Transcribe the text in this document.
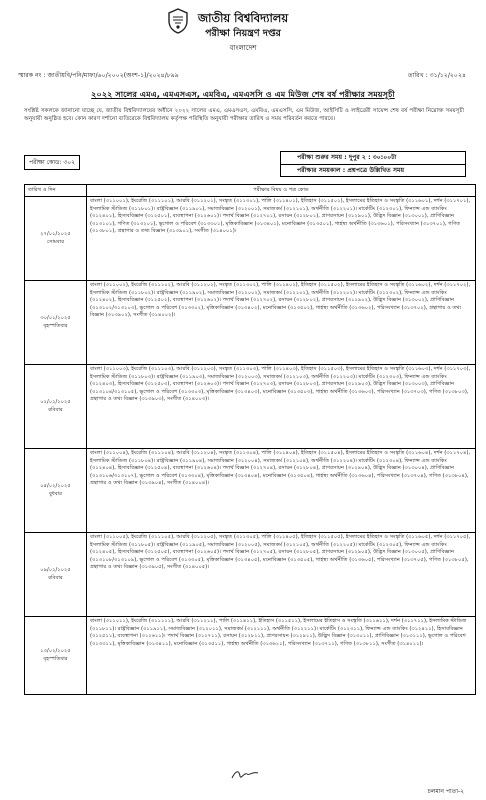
জাতীয় বিশ্ববিদ্যালয়
পরীক্ষা নিয়ন্ত্রণ দপ্তর
বাংলাদেশ
স্মারক নং : জাতীয়বি/পনি/মাফা/৬০/২০০২(অংশ-১)/২০২৪/৮৯৯	তারিখ : ৩১/১২/২০২৪
২০২২ সালের এমএ, এমএসএস, এমবিএ, এমএসসি ও এম মিউজ শেষ বর্ষ পরীক্ষার সময়সূচী
সংশ্লিষ্ট সকলকে জানানো যাচ্ছে যে, জাতীয় বিশ্ববিদ্যালয়ের অধীনে ২০২২ সালের এমএ, এমএসএস, এমবিএ, এমএসসি, এম মিউজ, আইসিটি ও লাইব্রেরী সায়েন্স শেষ বর্ষ পরীক্ষা নিম্নোক্ত সময়সূচী অনুযায়ী অনুষ্ঠিত হবে। কোন কারণ দর্শানো ব্যতিরেকে বিশ্ববিদ্যালয় কর্তৃপক্ষ পরিস্থিতি অনুযায়ী পরীক্ষার তারিখ ও সময় পরিবর্তন করতে পারবে।
পরীক্ষা কোড: ৩০২
পরীক্ষা শুরুর সময় : দুপুর ২ : ৩০:০০টা
পরীক্ষার সময়কাল : প্রশ্নপত্রে উল্লিখিত সময়
তারিখ ও দিন	পরীক্ষার বিষয় ও পত্র কোড
২৭/০১/২০২৫
সোমবার	বাংলা (৩১১০০১), ইংরেজি (৩১১১০১), আরবি (৩১১২০১), সংস্কৃত (৩১১৩০১), পালি (৩১১৪০১), ইতিহাস (৩১১৫০১), ইসলামের ইতিহাস ও সংস্কৃতি (৩১১৬০১), দর্শন (৩১১৭০১), ইসলামিক স্টাডিজ (৩১১৮০১)। রাষ্ট্রবিজ্ঞান (৩১১৯০১), সমাজবিজ্ঞান (৩১২০০১), সমাজকর্ম (৩১২১০১), অর্থনীতি (৩১২২০১)। মার্কেটিং (৩১২৩০১), ফিন্যান্স এন্ড ব্যাংকিং (৩১২৪০১), হিসাববিজ্ঞান (৩১২৫০১), ব্যবস্থাপনা (৩১২৬০১)। পদার্থ বিজ্ঞান (৩১২৭০১), রসায়ন (৩১২৮০১), প্রাণরসায়ন (৩১২৯০১), উদ্ভিদ বিজ্ঞান (৩১৩০০১), প্রাণিবিজ্ঞান (৩১৩১০১), গণিত (৩১৩২০১), ভূগোল ও পরিবেশ (৩১৩৩০১), মৃত্তিকাবিজ্ঞান (৩১৩৪০১), মনোবিজ্ঞান (৩১৩৫০১), গার্হস্থ্য অর্থনীতি (৩১৩৬০১), পরিসংখ্যান (৩১৩৭০১), গণিত (৩১৩৮০১), গ্রন্থাগার ও তথ্য বিজ্ঞান (৩১৩৯০১), সংগীত (৩১৪০০১)।
৩০/০১/২০২৫
বৃহস্পতিবার	বাংলা (৩১১০০২), ইংরেজি (৩১১১০২), আরবি (৩১১২০২), সংস্কৃত (৩১১৩০২), পালি (৩১১৪০২), ইতিহাস (৩১১৫০২), ইসলামের ইতিহাস ও সংস্কৃতি (৩১১৬০২), দর্শন (৩১১৭০২), ইসলামিক স্টাডিজ (৩১১৮০২)। রাষ্ট্রবিজ্ঞান (৩১১৯০২), সমাজবিজ্ঞান (৩১২০০২), সমাজকর্ম (৩১২১০২), অর্থনীতি (৩১২২০২)। মার্কেটিং (৩১২৩০২), ফিন্যান্স এন্ড ব্যাংকিং (৩১২৪০২), হিসাববিজ্ঞান (৩১২৫০২), ব্যবস্থাপনা (৩১২৬০২)। পদার্থ বিজ্ঞান (৩১২৭০২), রসায়ন (৩১২৮০২), প্রাণরসায়ন (৩১২৯০২), উদ্ভিদ বিজ্ঞান (৩১৩০০২), প্রাণিবিজ্ঞান (৩১৩১০২/৩১৩১০৩), ভূগোল ও পরিবেশ (৩১৩৩০২), মৃত্তিকাবিজ্ঞান (৩১৩৪০২), মনোবিজ্ঞান (৩১৩৫০২), গার্হস্থ্য অর্থনীতি (৩১৩৬০২), পরিসংখ্যান (৩১৩৭০২), গ্রন্থাগার ও তথ্য বিজ্ঞান (৩১৩৯০২), সংগীত (৩১৪০০২)।
০২/০২/২০২৫
রবিবার	বাংলা (৩১১০০৩), ইংরেজি (৩১১১০৩), আরবি (৩১১২০৩), সংস্কৃত (৩১১৩০৩), পালি (৩১১৪০৩), ইতিহাস (৩১১৫০৩), ইসলামের ইতিহাস ও সংস্কৃতি (৩১১৬০৩), দর্শন (৩১১৭০৩), ইসলামিক স্টাডিজ (৩১১৮০৩)। রাষ্ট্রবিজ্ঞান (৩১১৯০৩), সমাজবিজ্ঞান (৩১২০০৩), সমাজকর্ম (৩১২১০৩), অর্থনীতি (৩১২২০৩)। মার্কেটিং (৩১২৩০৩), ফিন্যান্স এন্ড ব্যাংকিং (৩১২৪০৩), হিসাববিজ্ঞান (৩১২৫০৩), ব্যবস্থাপনা (৩১২৬০৩)। পদার্থ বিজ্ঞান (৩১২৭০৩), রসায়ন (৩১২৮০৩), প্রাণরসায়ন (৩১২৯০৩), উদ্ভিদ বিজ্ঞান (৩১৩০০৩), প্রাণিবিজ্ঞান (৩১৩১০৪/৩১৩১০৫), ভূগোল ও পরিবেশ (৩১৩৩০৩), মৃত্তিকাবিজ্ঞান (৩১৩৪০৩), মনোবিজ্ঞান (৩১৩৫০৩), গার্হস্থ্য অর্থনীতি (৩১৩৬০৩), পরিসংখ্যান (৩১৩৭০৩), গণিত (৩১৩৮০৩), গ্রন্থাগার ও তথ্য বিজ্ঞান (৩১৩৯০৩), সংগীত (৩১৪০০৩)।
০৫/০২/২০২৫
বুধবার	বাংলা (৩১১০০৪), ইংরেজি (৩১১১০৪), আরবি (৩১১২০৪), সংস্কৃত (৩১১৩০৪), পালি (৩১১৪০৪), ইতিহাস (৩১১৫০৪), ইসলামের ইতিহাস ও সংস্কৃতি (৩১১৬০৪), দর্শন (৩১১৭০৪), ইসলামিক স্টাডিজ (৩১১৮০৪)। রাষ্ট্রবিজ্ঞান (৩১১৯০৪), সমাজবিজ্ঞান (৩১২০০৪), সমাজকর্ম (৩১২১০৪), অর্থনীতি (৩১২২০৪)। মার্কেটিং (৩১২৩০৪), ফিন্যান্স এন্ড ব্যাংকিং (৩১২৪০৪), হিসাববিজ্ঞান (৩১২৫০৪), ব্যবস্থাপনা (৩১২৬০৪)। পদার্থ বিজ্ঞান (৩১২৭০৪), রসায়ন (৩১২৮০৪), প্রাণরসায়ন (৩১২৯০৪), উদ্ভিদ বিজ্ঞান (৩১৩০০৪), প্রাণিবিজ্ঞান (৩১৩১০৬/৩১৩১০৭), ভূগোল ও পরিবেশ (৩১৩৩০৪), মৃত্তিকাবিজ্ঞান (৩১৩৪০৪), মনোবিজ্ঞান (৩১৩৫০৪), গার্হস্থ্য অর্থনীতি (৩১৩৬০৪), পরিসংখ্যান (৩১৩৭০৪), গণিত (৩১৩৮০৪), গ্রন্থাগার ও তথ্য বিজ্ঞান (৩১৩৯০৪), সংগীত (৩১৪০০৪)।
০৯/০২/২০২৫
রবিবার	বাংলা (৩১১০০৫), ইংরেজি (৩১১১০৫), আরবি (৩১১২০৫), সংস্কৃত (৩১১৩০৫), পালি (৩১১৪০৫), ইতিহাস (৩১১৫০৫), ইসলামের ইতিহাস ও সংস্কৃতি (৩১১৬০৫), দর্শন (৩১১৭০৫), ইসলামিক স্টাডিজ (৩১১৮০৫)। রাষ্ট্রবিজ্ঞান (৩১১৯০৫), সমাজবিজ্ঞান (৩১২০০৫), সমাজকর্ম (৩১২১০৫), অর্থনীতি (৩১২২০৫)। মার্কেটিং (৩১২৩০৫), ফিন্যান্স এন্ড ব্যাংকিং (৩১২৪০৫), হিসাববিজ্ঞান (৩১২৫০৫), ব্যবস্থাপনা (৩১২৬০৫)। পদার্থ বিজ্ঞান (৩১২৭০৫), রসায়ন (৩১২৮০৫), প্রাণরসায়ন (৩১২৯০৫), উদ্ভিদ বিজ্ঞান (৩১৩০০৫), প্রাণিবিজ্ঞান (৩১৩১০৮/৩১৩১০৯), ভূগোল ও পরিবেশ (৩১৩৩০৫), মৃত্তিকাবিজ্ঞান (৩১৩৪০৫), মনোবিজ্ঞান (৩১৩৫০৫), গার্হস্থ্য অর্থনীতি (৩১৩৬০৫), পরিসংখ্যান (৩১৩৭০৫), গণিত (৩১৩৮০৫), গ্রন্থাগার ও তথ্য বিজ্ঞান (৩১৩৯০৫), সংগীত (৩১৪০০৫)।
১৩/০২/২০২৫
বৃহস্পতিবার	বাংলা (৩১১০১১), ইংরেজি (৩১১১১১), আরবি (৩১১২১১), পালি (৩১১৪১১), ইতিহাস (৩১১৫১১), ইসলামের ইতিহাস ও সংস্কৃতি (৩১১৬১১), দর্শন (৩১১৭১১), ইসলামিক স্টাডিজ (৩১১৮১১)। রাষ্ট্রবিজ্ঞান (৩১১৯১১), সমাজবিজ্ঞান (৩১২০১১), সমাজকর্ম (৩১২১১১), অর্থনীতি (৩১২২১১)। মার্কেটিং (৩১২৩১১), ফিন্যান্স এন্ড ব্যাংকিং (৩১২৪১১), হিসাববিজ্ঞান (৩১২৫১১), ব্যবস্থাপনা (৩১২৬১১)। পদার্থ বিজ্ঞান (৩১২৭১১), রসায়ন (৩১২৮১১), প্রাণরসায়ন (৩১২৯১১), উদ্ভিদ বিজ্ঞান (৩১৩০১১), প্রাণিবিজ্ঞান (৩১৩১১১), ভূগোল ও পরিবেশ (৩১৩৩১১), মৃত্তিকাবিজ্ঞান (৩১৩৪১১), মনোবিজ্ঞান (৩১৩৫১১), গার্হস্থ্য অর্থনীতি (৩১৩৬১১), পরিসংখ্যান (৩১৩৭১১), গণিত (৩১৩৮১১), সংগীত (৩১৪০১১)।
চলমান পাতা-২
